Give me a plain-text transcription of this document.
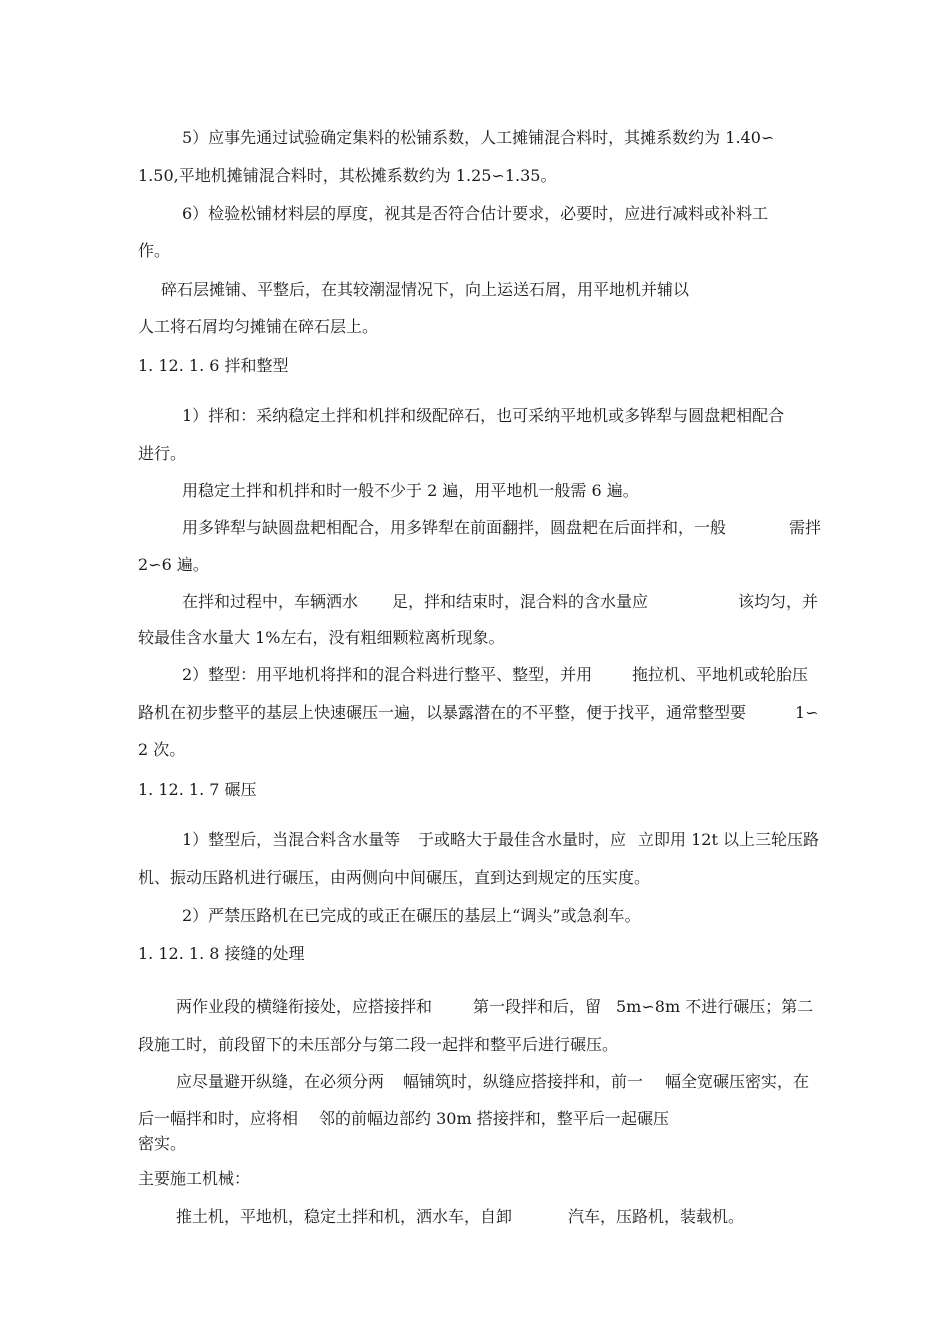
5）应事先通过试验确定集料的松铺系数，人工摊铺混合料时，其摊系数约为 1.40∽
1.50,平地机摊铺混合料时，其松摊系数约为 1.25∽1.35。
6）检验松铺材料层的厚度，视其是否符合估计要求，必要时，应进行减料或补料工
作。
碎石层摊铺、平整后，在其较潮湿情况下，向上运送石屑，用平地机并辅以
人工将石屑均匀摊铺在碎石层上。
1. 12. 1. 6 拌和整型
1）拌和：采纳稳定土拌和机拌和级配碎石，也可采纳平地机或多铧犁与圆盘耙相配合
进行。
用稳定土拌和机拌和时一般不少于 2 遍，用平地机一般需 6 遍。
用多铧犁与缺圆盘耙相配合，用多铧犁在前面翻拌，圆盘耙在后面拌和，一般	需拌
2∽6 遍。
在拌和过程中，车辆洒水 足，拌和结束时，混合料的含水量应	该均匀，并
较最佳含水量大 1%左右，没有粗细颗粒离析现象。
2）整型：用平地机将拌和的混合料进行整平、整型，并用 拖拉机、平地机或轮胎压
路机在初步整平的基层上快速碾压一遍，以暴露潜在的不平整，便于找平，通常整型要	1∽
2 次。
1. 12. 1. 7 碾压
1）整型后，当混合料含水量等 于或略大于最佳含水量时，应 立即用 12t 以上三轮压路
机、振动压路机进行碾压，由两侧向中间碾压，直到达到规定的压实度。
2）严禁压路机在已完成的或正在碾压的基层上“调头”或急刹车。
1. 12. 1. 8 接缝的处理
两作业段的横缝衔接处，应搭接拌和	第一段拌和后，留 5m∽8m 不进行碾压；第二
段施工时，前段留下的未压部分与第二段一起拌和整平后进行碾压。
应尽量避开纵缝，在必须分两 幅铺筑时，纵缝应搭接拌和，前一 幅全宽碾压密实，在
后一幅拌和时，应将相 邻的前幅边部约 30m 搭接拌和，整平后一 起碾压
密实。
主要施工机械：
推土机，平地机，稳定土拌和机，洒水车，自卸	汽车，压路机，装载机。
